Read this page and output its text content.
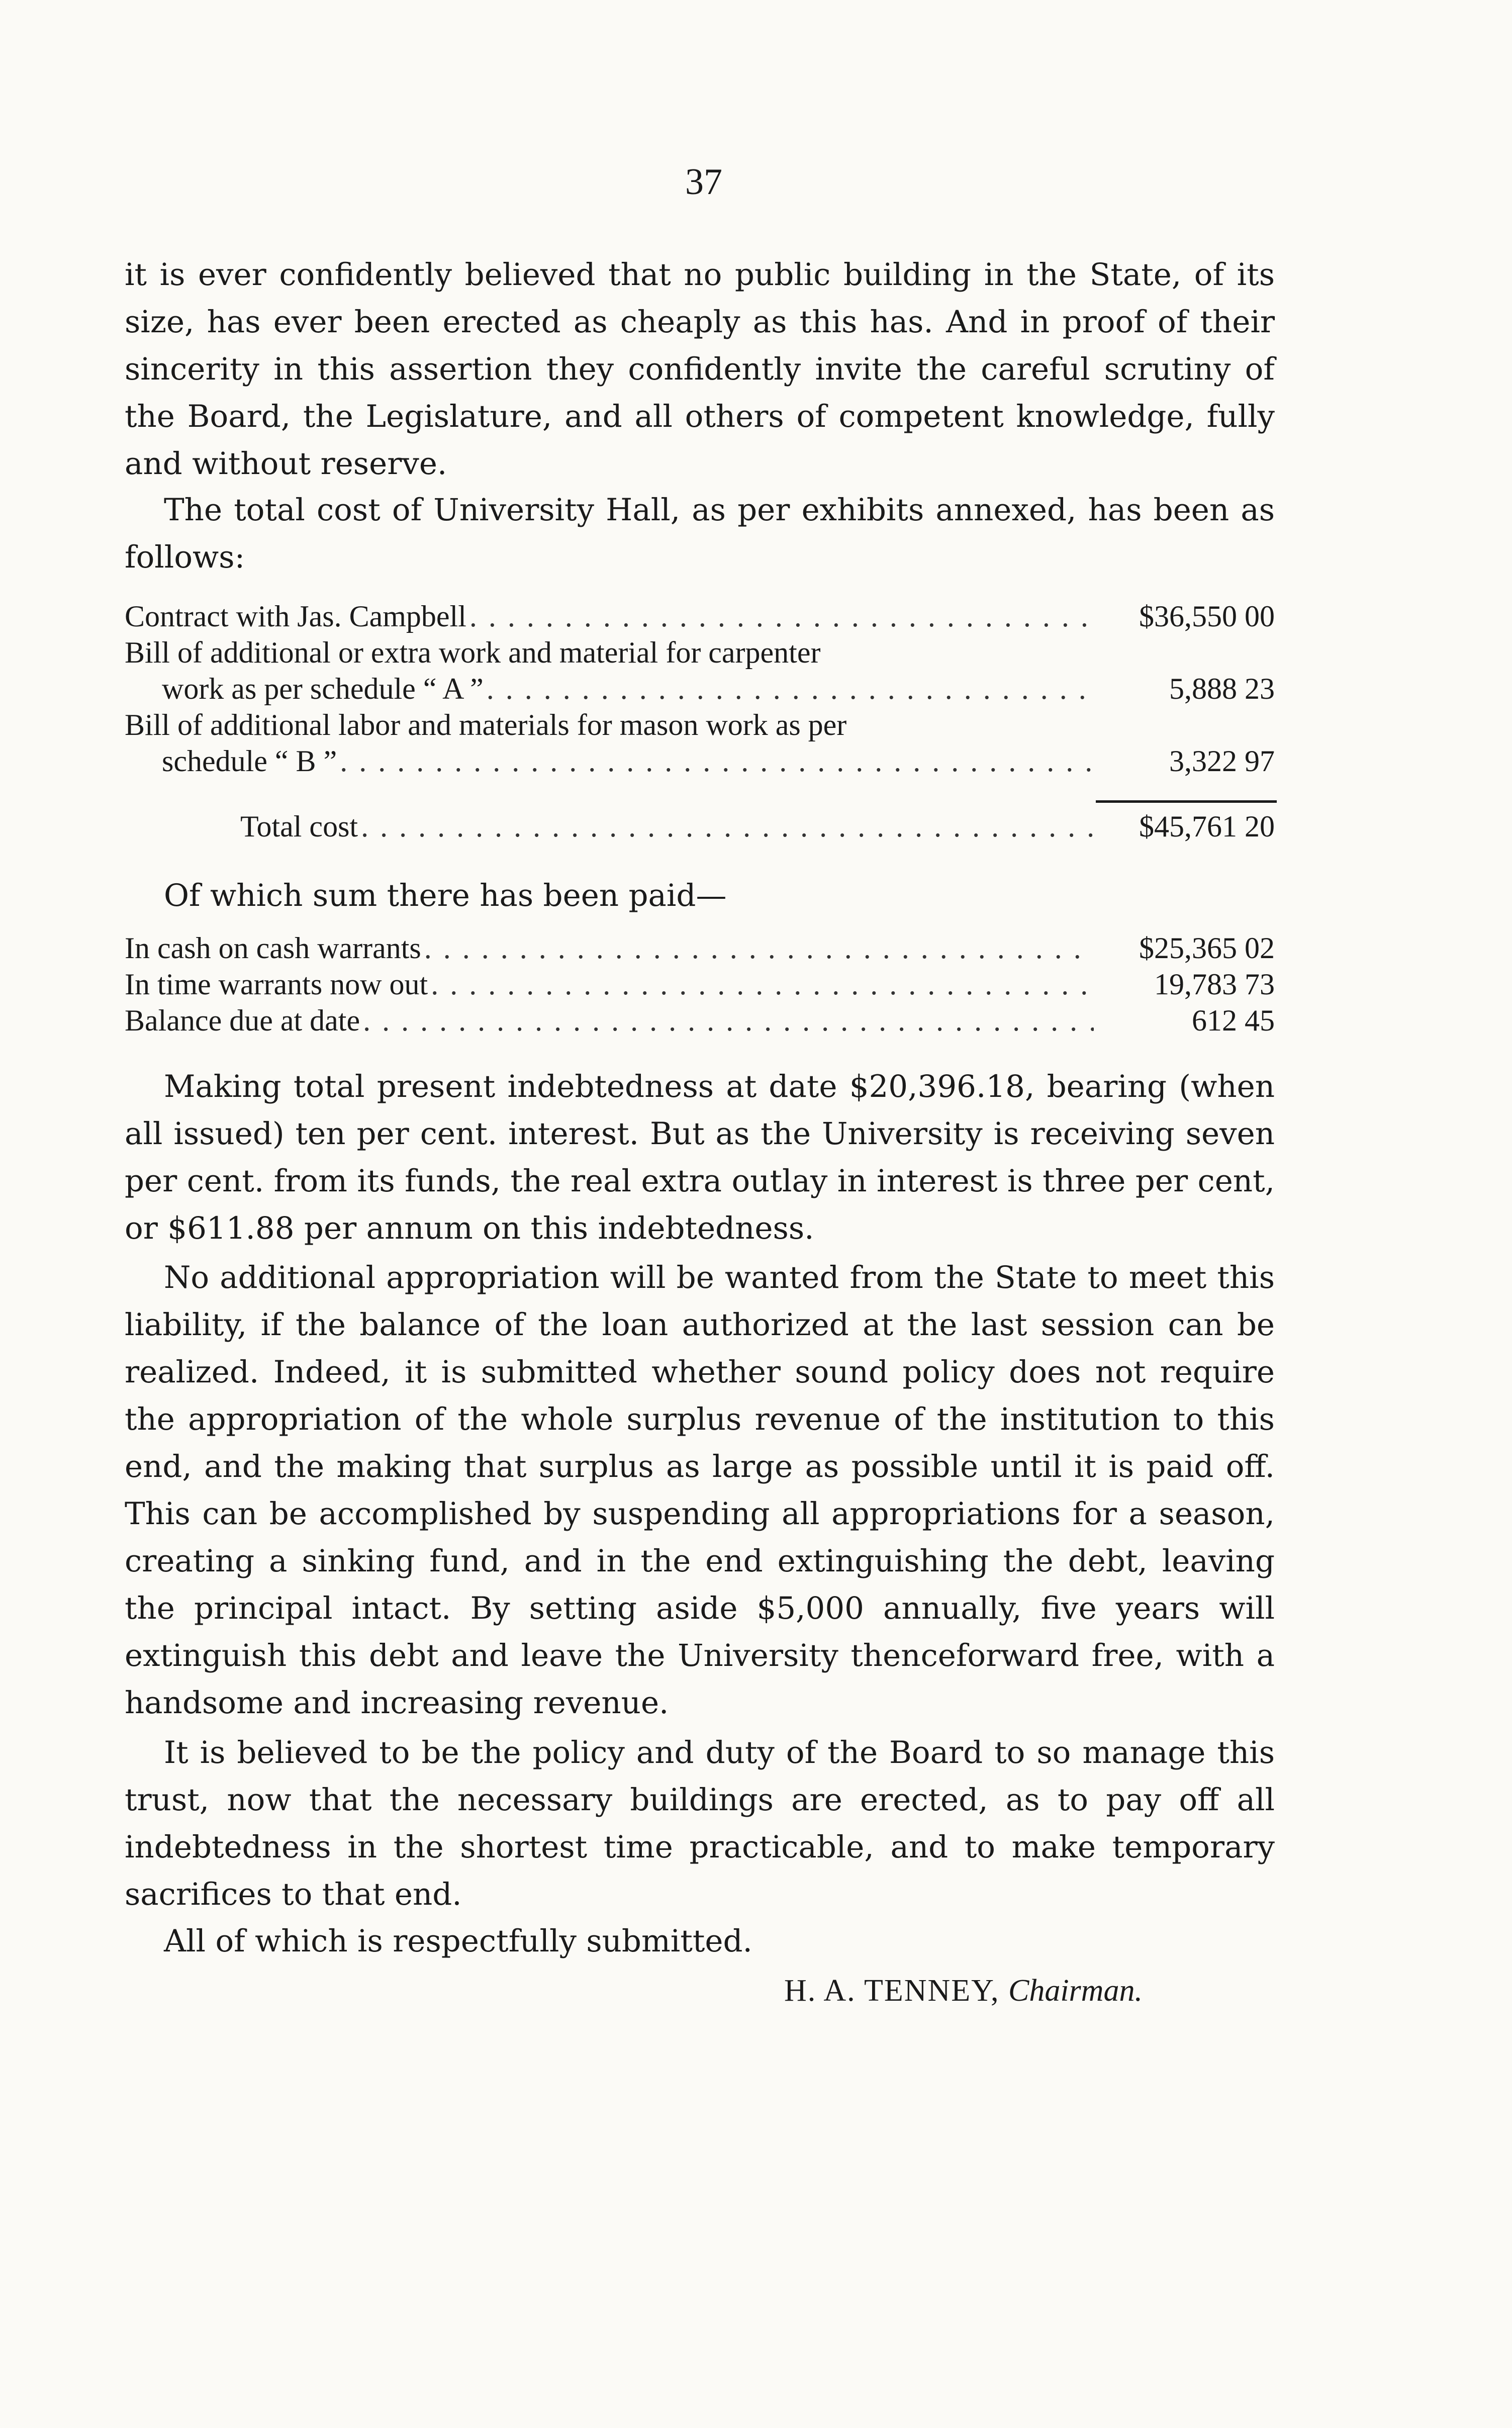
37

it is ever confidently believed that no public building in the State, of its size, has ever been erected as cheaply as this has. And in proof of their sincerity in this assertion they confidently invite the careful scrutiny of the Board, the Legislature, and all others of competent knowledge, fully and without reserve.

The total cost of University Hall, as per exhibits annexed, has been as follows:

Contract with Jas. Campbell . . .	$36,550 00
Bill of additional or extra work and material for carpenter
work as per schedule “ A ” . . .	5,888 23
Bill of additional labor and materials for mason work as per
schedule “ B ” . . .	3,322 97
Total cost . . .	$45,761 20

Of which sum there has been paid—

In cash on cash warrants . . .	$25,365 02
In time warrants now out . . .	19,783 73
Balance due at date . . .	612 45

Making total present indebtedness at date $20,396.18, bearing (when all issued) ten per cent. interest. But as the University is receiving seven per cent. from its funds, the real extra outlay in interest is three per cent, or $611.88 per annum on this indebtedness.

No additional appropriation will be wanted from the State to meet this liability, if the balance of the loan authorized at the last session can be realized. Indeed, it is submitted whether sound policy does not require the appropriation of the whole surplus revenue of the institution to this end, and the making that surplus as large as possible until it is paid off. This can be accomplished by suspending all appropriations for a season, creating a sinking fund, and in the end extinguishing the debt, leaving the principal intact. By setting aside $5,000 annually, five years will extinguish this debt and leave the University thenceforward free, with a handsome and increasing revenue.

It is believed to be the policy and duty of the Board to so manage this trust, now that the necessary buildings are erected, as to pay off all indebtedness in the shortest time practicable, and to make temporary sacrifices to that end.

All of which is respectfully submitted.

H. A. TENNEY, Chairman.
